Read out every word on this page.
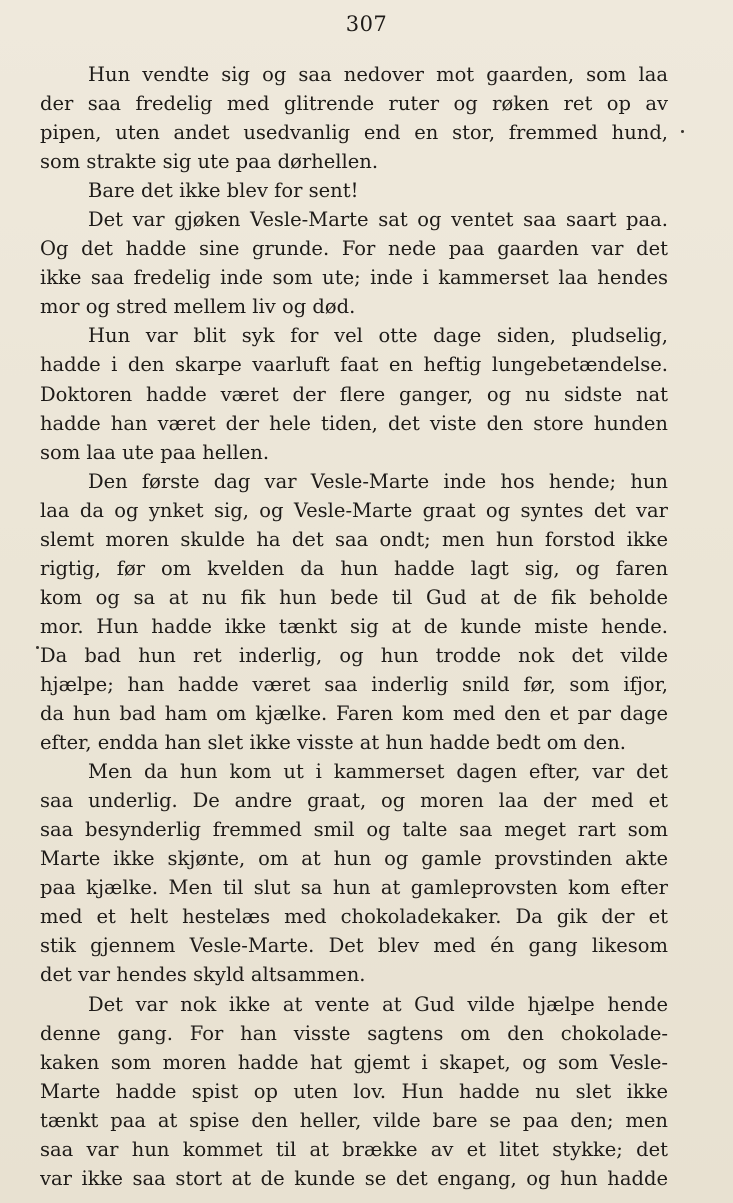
307
Hun vendte sig og saa nedover mot gaarden, som laa
der saa fredelig med glitrende ruter og røken ret op av
pipen, uten andet usedvanlig end en stor, fremmed hund,
som strakte sig ute paa dørhellen.
Bare det ikke blev for sent!
Det var gjøken Vesle-Marte sat og ventet saa saart paa.
Og det hadde sine grunde. For nede paa gaarden var det
ikke saa fredelig inde som ute; inde i kammerset laa hendes
mor og stred mellem liv og død.
Hun var blit syk for vel otte dage siden, pludselig,
hadde i den skarpe vaarluft faat en heftig lungebetændelse.
Doktoren hadde været der flere ganger, og nu sidste nat
hadde han været der hele tiden, det viste den store hunden
som laa ute paa hellen.
Den første dag var Vesle-Marte inde hos hende; hun
laa da og ynket sig, og Vesle-Marte graat og syntes det var
slemt moren skulde ha det saa ondt; men hun forstod ikke
rigtig, før om kvelden da hun hadde lagt sig, og faren
kom og sa at nu fik hun bede til Gud at de fik beholde
mor. Hun hadde ikke tænkt sig at de kunde miste hende.
Da bad hun ret inderlig, og hun trodde nok det vilde
hjælpe; han hadde været saa inderlig snild før, som ifjor,
da hun bad ham om kjælke. Faren kom med den et par dage
efter, endda han slet ikke visste at hun hadde bedt om den.
Men da hun kom ut i kammerset dagen efter, var det
saa underlig. De andre graat, og moren laa der med et
saa besynderlig fremmed smil og talte saa meget rart som
Marte ikke skjønte, om at hun og gamle provstinden akte
paa kjælke. Men til slut sa hun at gamleprovsten kom efter
med et helt hestelæs med chokoladekaker. Da gik der et
stik gjennem Vesle-Marte. Det blev med én gang likesom
det var hendes skyld altsammen.
Det var nok ikke at vente at Gud vilde hjælpe hende
denne gang. For han visste sagtens om den chokolade-
kaken som moren hadde hat gjemt i skapet, og som Vesle-
Marte hadde spist op uten lov. Hun hadde nu slet ikke
tænkt paa at spise den heller, vilde bare se paa den; men
saa var hun kommet til at brække av et litet stykke; det
var ikke saa stort at de kunde se det engang, og hun hadde
